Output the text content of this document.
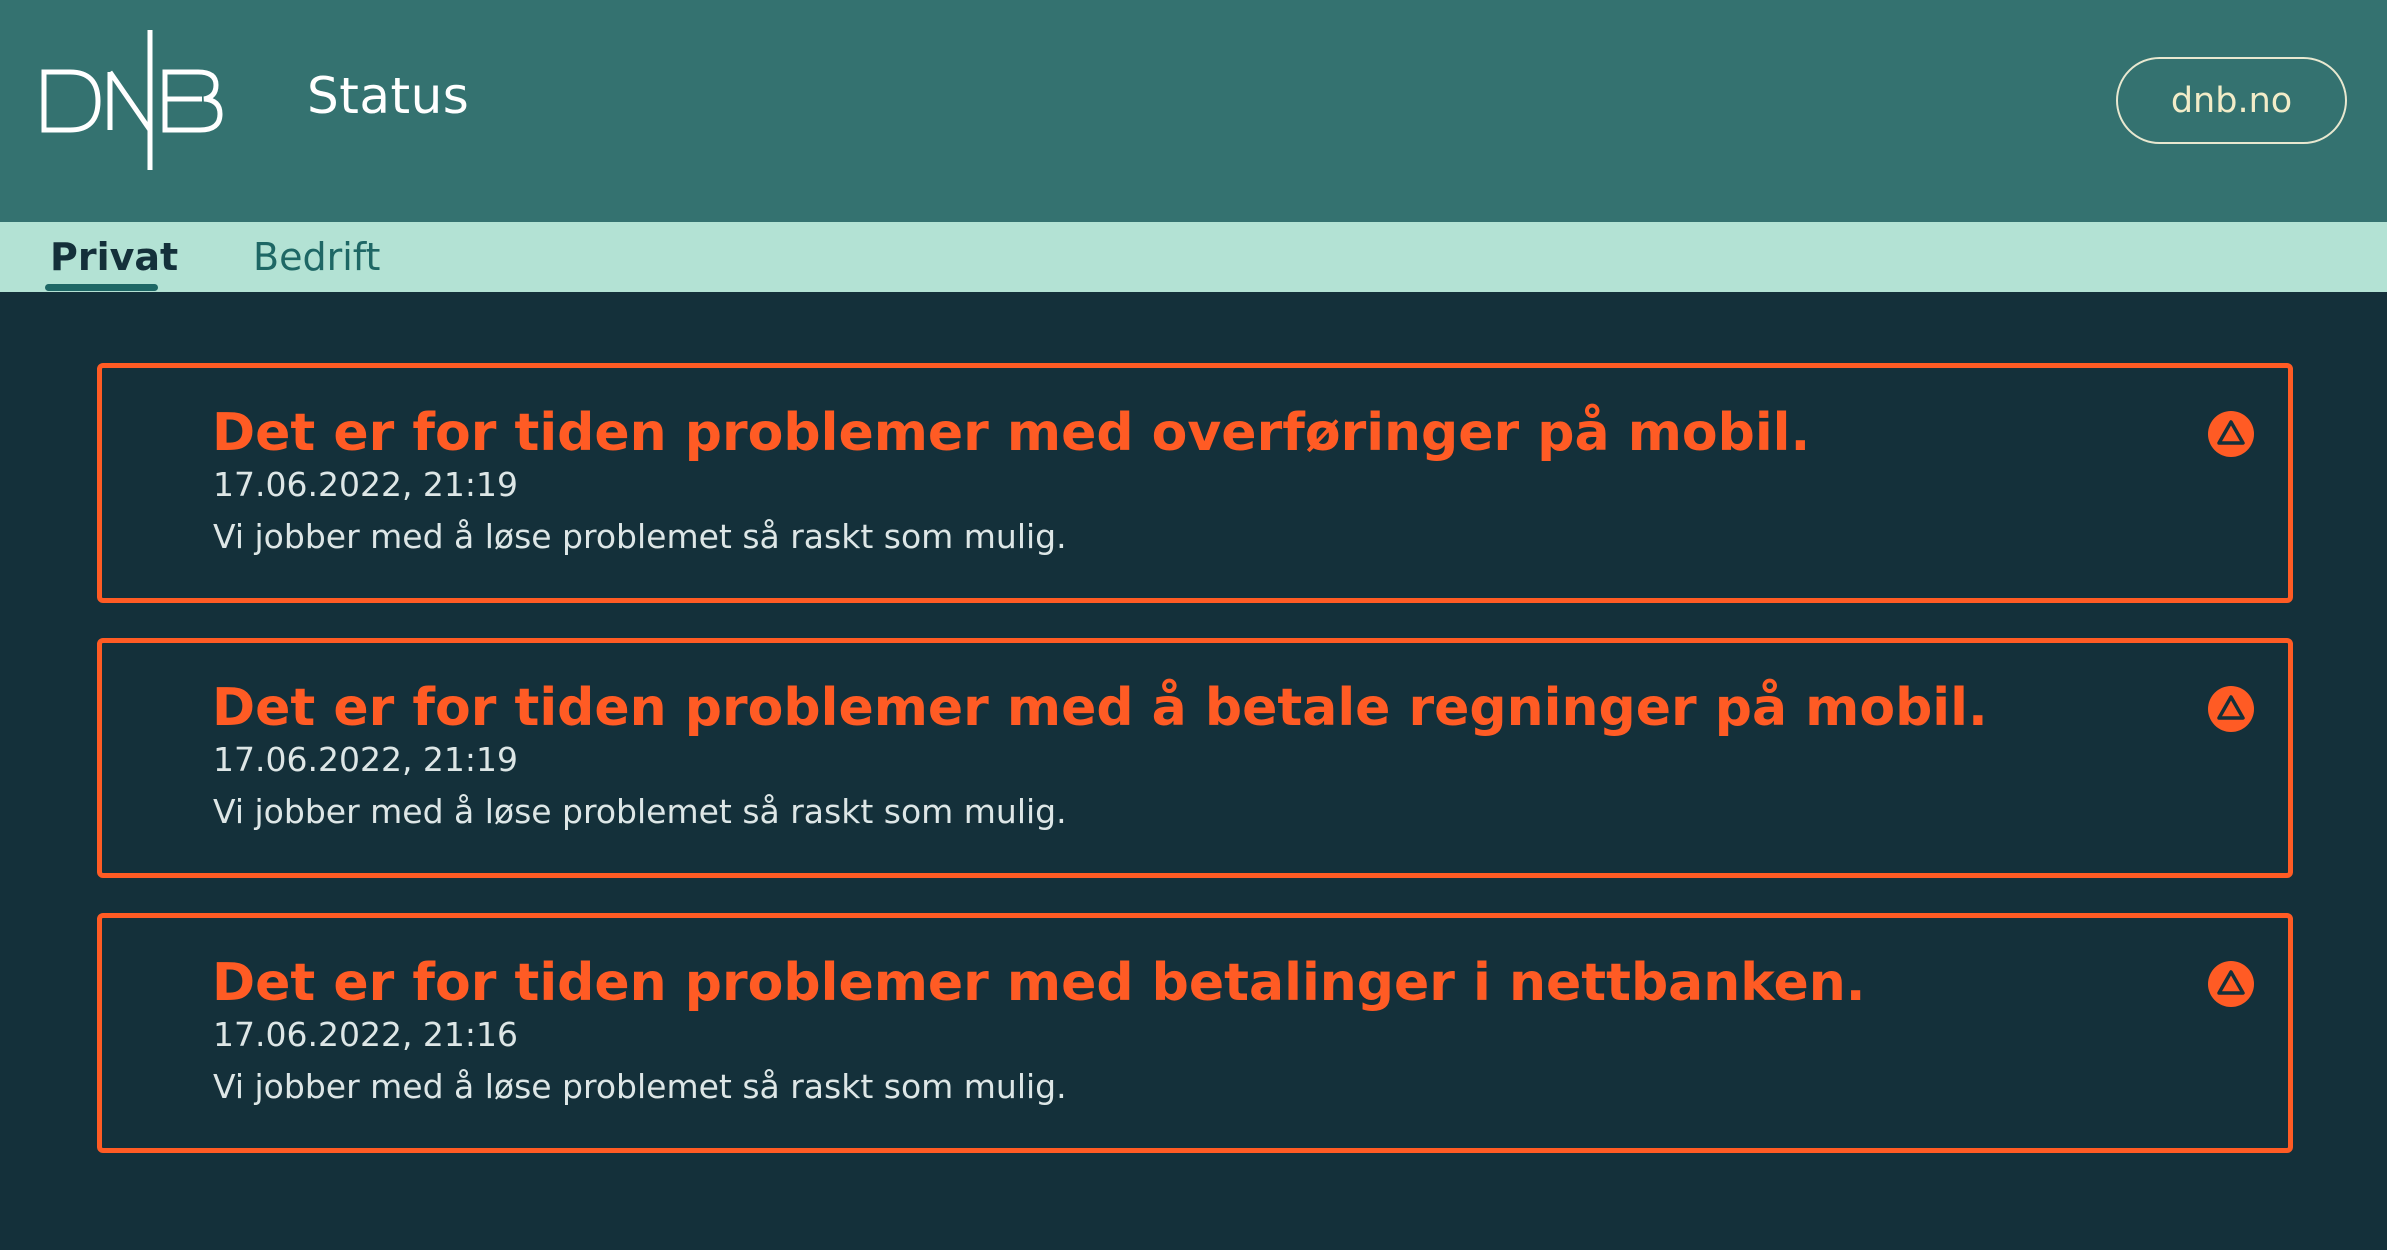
Status	dnb.no
Privat Bedrift
Det er for tiden problemer med overføringer på mobil.
17.06.2022, 21:19
Vi jobber med å løse problemet så raskt som mulig.
Det er for tiden problemer med å betale regninger på mobil.
17.06.2022, 21:19
Vi jobber med å løse problemet så raskt som mulig.
Det er for tiden problemer med betalinger i nettbanken.
17.06.2022, 21:16
Vi jobber med å løse problemet så raskt som mulig.
